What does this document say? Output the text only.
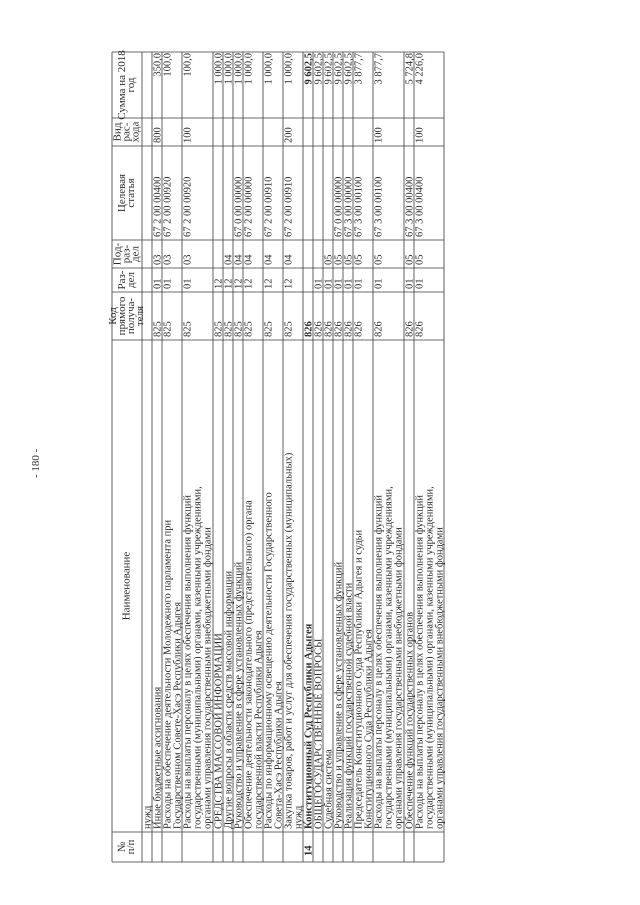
- 180 -
№
п/п
Наименование
Код
прямого
получа-
теля
Раз-
дел
Под-
раз-
дел
Целевая
статья
Вид
рас-
хода
Сумма на 2018
год
нужд Иные бюджетные ассигнования
825
01
03
67 2 00 00400
800
350,0
Расходы на обеспечение деятельности Молодежного парламента при Государственном Совете-Хасэ Республики Адыгея
825
01
03
67 2 00 00920
100,0
Расходы на выплаты персоналу в целях обеспечения выполнения функций государственными (муниципальными) органами, казенными учреждениями, органами управления государственными внебюджетными фондами
825
01
03
67 2 00 00920
100
100,0
СРЕДСТВА МАССОВОЙ ИНФОРМАЦИИ
825
12
1 000,0
Другие вопросы в области средств массовой информации
825
12
04
1 000,0
Руководство и управление в сфере установленных функций
825
12
04
67 0 00 00000
1 000,0
Обеспечение деятельности законодательного (представительного) органа государственной власти Республики Адыгея
825
12
04
67 2 00 00000
1 000,0
Расходы по информационному освещению деятельности Государственного Совета-Хасэ Республики Адыгея
825
12
04
67 2 00 00910
1 000,0
Закупка товаров, работ и услуг для обеспечения государственных (муниципальных) нужд
825
12
04
67 2 00 00910
200
1 000,0
14
Конституционный Суд Республики Адыгея
826
9 602,5
ОБЩЕГОСУДАРСТВЕННЫЕ ВОПРОСЫ
826
01
9 602,5
Судебная система
826
01
05
9 602,5
Руководство и управление в сфере установленных функций
826
01
05
67 0 00 00000
9 602,5
Реализация функций государственной судебной власти
826
01
05
67 3 00 00000
9 602,5
Председатель Конституционного Суда Республики Адыгея и судьи Конституционного Суда Республики Адыгея
826
01
05
67 3 00 00100
3 877,7
Расходы на выплаты персоналу в целях обеспечения выполнения функций государственными (муниципальными) органами, казенными учреждениями, органами управления государственными внебюджетными фондами
826
01
05
67 3 00 00100
100
3 877,7
Обеспечение функций государственных органов
826
01
05
67 3 00 00400
5 724,8
Расходы на выплаты персоналу в целях обеспечения выполнения функций государственными (муниципальными) органами, казенными учреждениями, органами управления государственными внебюджетными фондами
826
01
05
67 3 00 00400
100
4 226,0
